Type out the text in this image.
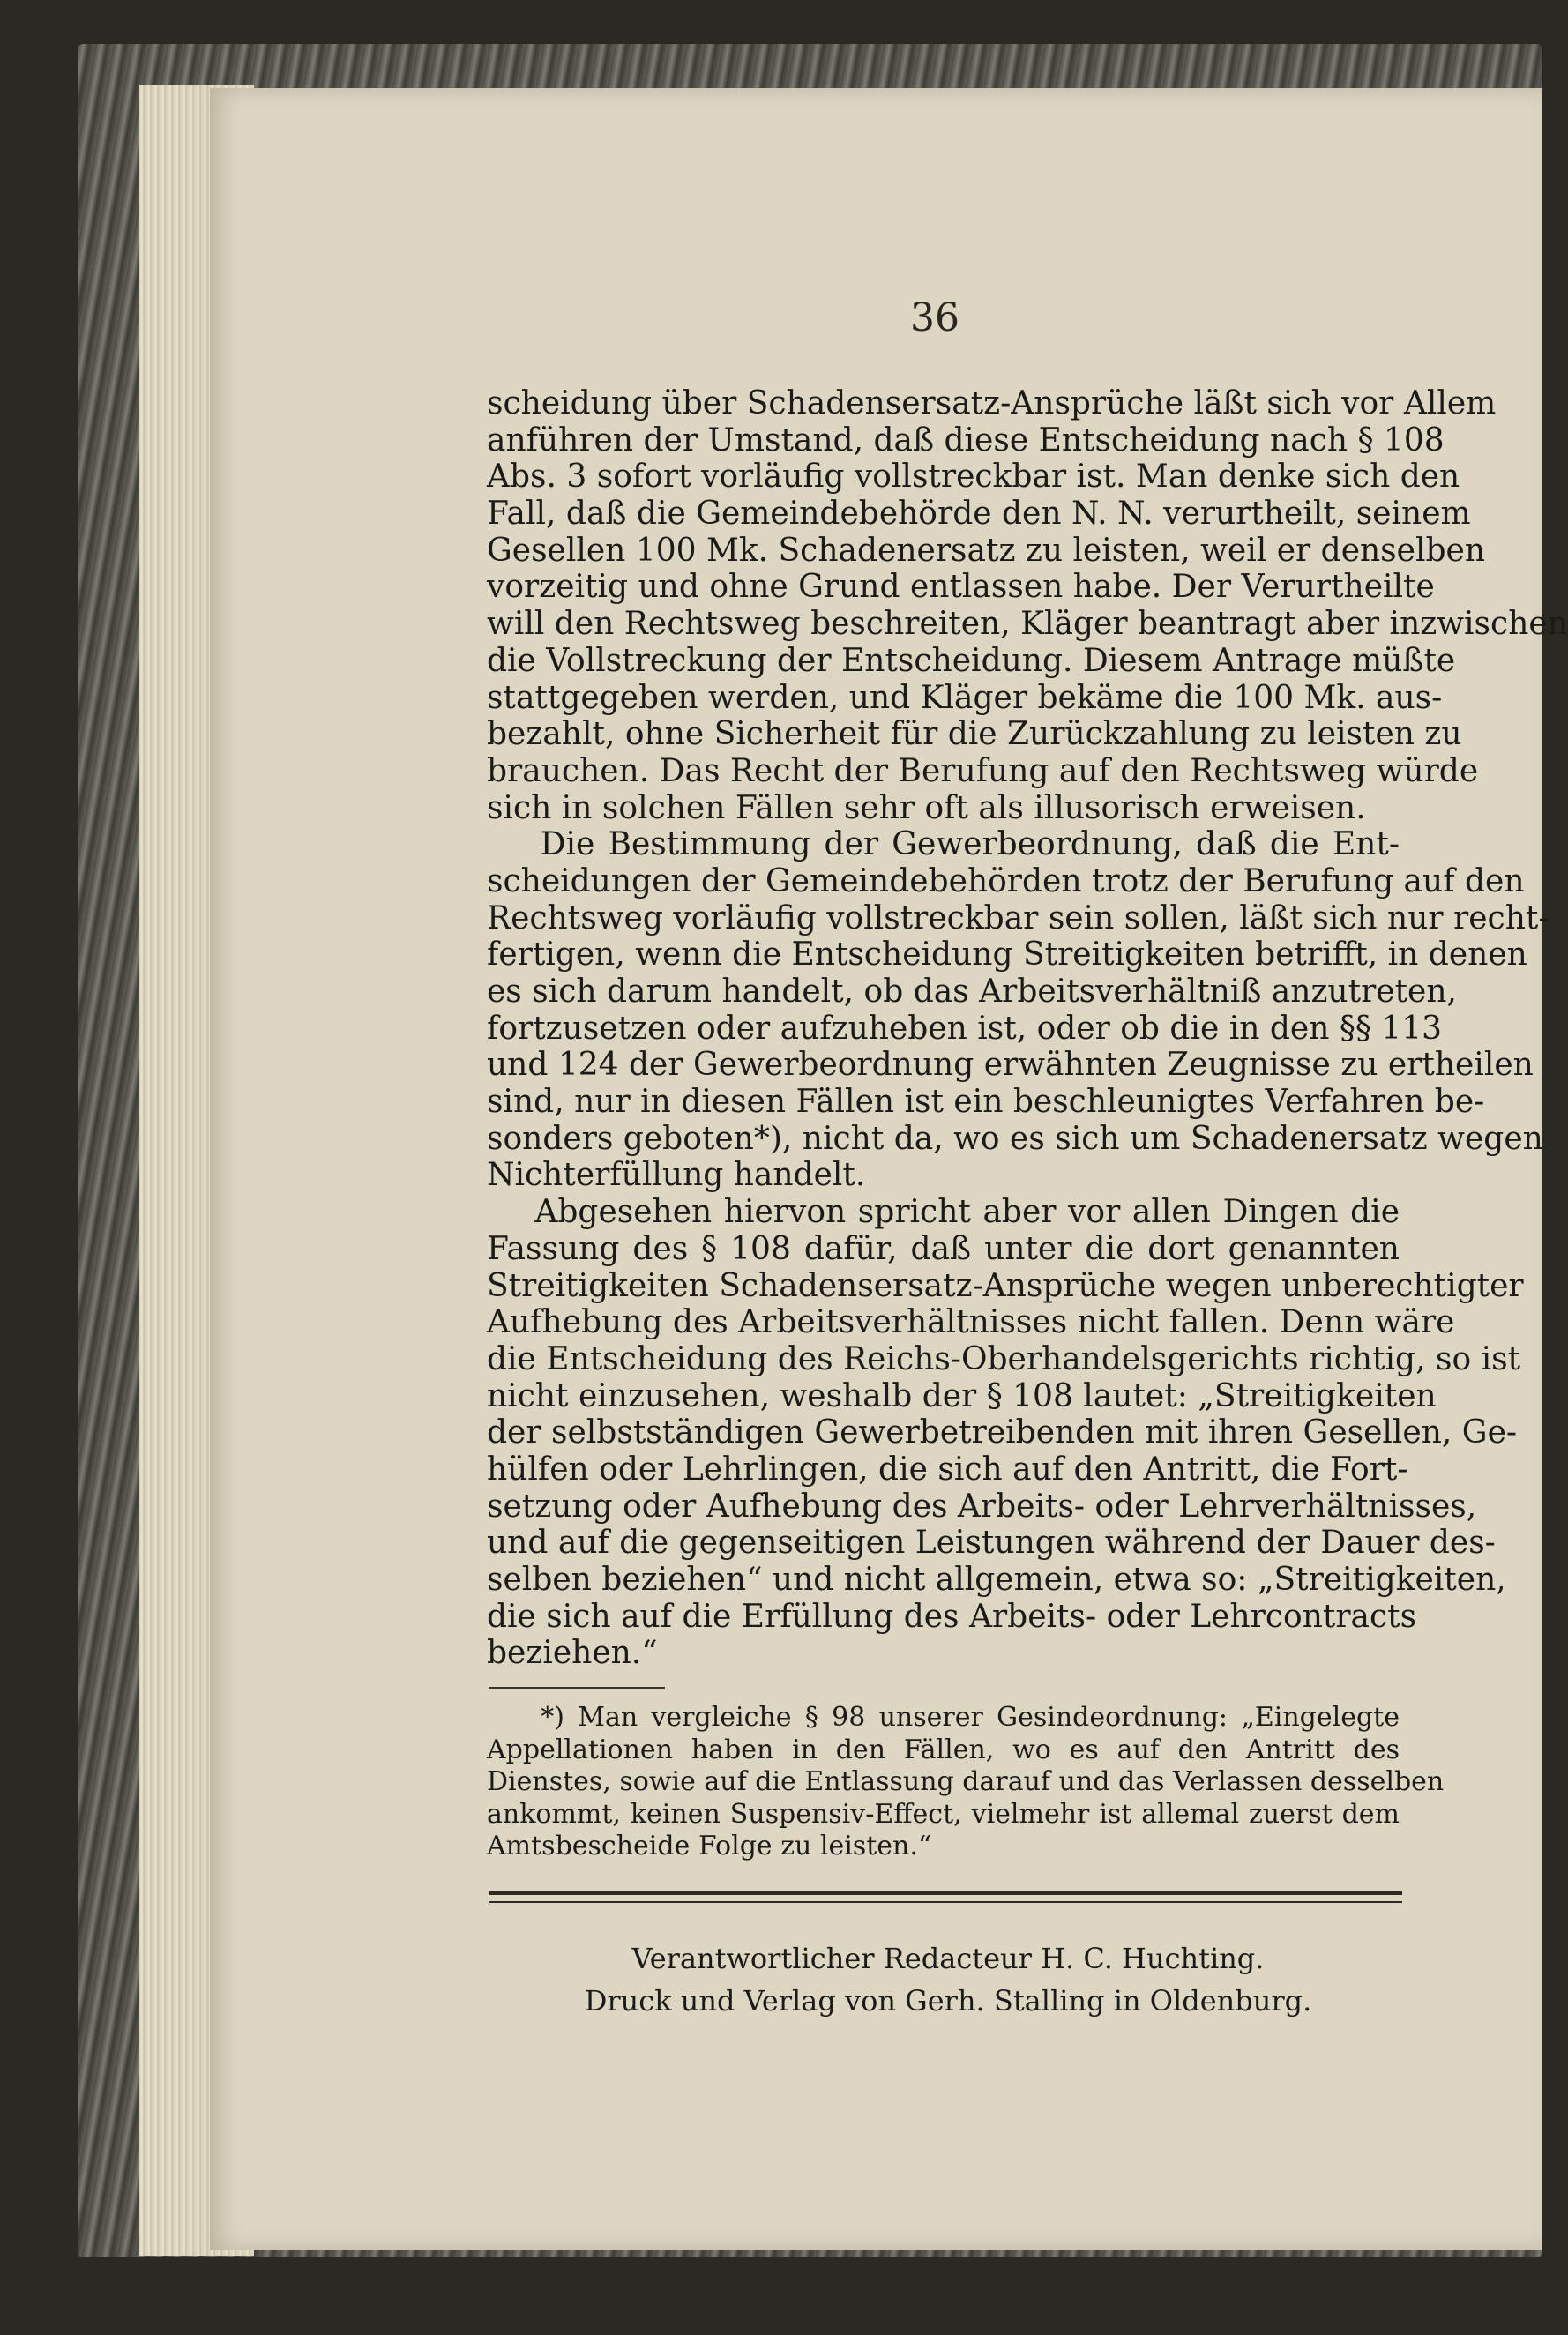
36
scheidung über Schadensersatz-Ansprüche läßt sich vor Allem
anführen der Umstand, daß diese Entscheidung nach § 108
Abs. 3 sofort vorläufig vollstreckbar ist. Man denke sich den
Fall, daß die Gemeindebehörde den N. N. verurtheilt, seinem
Gesellen 100 Mk. Schadenersatz zu leisten, weil er denselben
vorzeitig und ohne Grund entlassen habe. Der Verurtheilte
will den Rechtsweg beschreiten, Kläger beantragt aber inzwischen
die Vollstreckung der Entscheidung. Diesem Antrage müßte
stattgegeben werden, und Kläger bekäme die 100 Mk. aus-
bezahlt, ohne Sicherheit für die Zurückzahlung zu leisten zu
brauchen. Das Recht der Berufung auf den Rechtsweg würde
sich in solchen Fällen sehr oft als illusorisch erweisen.
Die Bestimmung der Gewerbeordnung, daß die Ent-
scheidungen der Gemeindebehörden trotz der Berufung auf den
Rechtsweg vorläufig vollstreckbar sein sollen, läßt sich nur recht-
fertigen, wenn die Entscheidung Streitigkeiten betrifft, in denen
es sich darum handelt, ob das Arbeitsverhältniß anzutreten,
fortzusetzen oder aufzuheben ist, oder ob die in den §§ 113
und 124 der Gewerbeordnung erwähnten Zeugnisse zu ertheilen
sind, nur in diesen Fällen ist ein beschleunigtes Verfahren be-
sonders geboten*), nicht da, wo es sich um Schadenersatz wegen
Nichterfüllung handelt.
Abgesehen hiervon spricht aber vor allen Dingen die
Fassung des § 108 dafür, daß unter die dort genannten
Streitigkeiten Schadensersatz-Ansprüche wegen unberechtigter
Aufhebung des Arbeitsverhältnisses nicht fallen. Denn wäre
die Entscheidung des Reichs-Oberhandelsgerichts richtig, so ist
nicht einzusehen, weshalb der § 108 lautet: „Streitigkeiten
der selbstständigen Gewerbetreibenden mit ihren Gesellen, Ge-
hülfen oder Lehrlingen, die sich auf den Antritt, die Fort-
setzung oder Aufhebung des Arbeits- oder Lehrverhältnisses,
und auf die gegenseitigen Leistungen während der Dauer des-
selben beziehen“ und nicht allgemein, etwa so: „Streitigkeiten,
die sich auf die Erfüllung des Arbeits- oder Lehrcontracts
beziehen.“
*) Man vergleiche § 98 unserer Gesindeordnung: „Eingelegte
Appellationen haben in den Fällen, wo es auf den Antritt des
Dienstes, sowie auf die Entlassung darauf und das Verlassen desselben
ankommt, keinen Suspensiv-Effect, vielmehr ist allemal zuerst dem
Amtsbescheide Folge zu leisten.“
Verantwortlicher Redacteur H. C. Huchting.
Druck und Verlag von Gerh. Stalling in Oldenburg.
